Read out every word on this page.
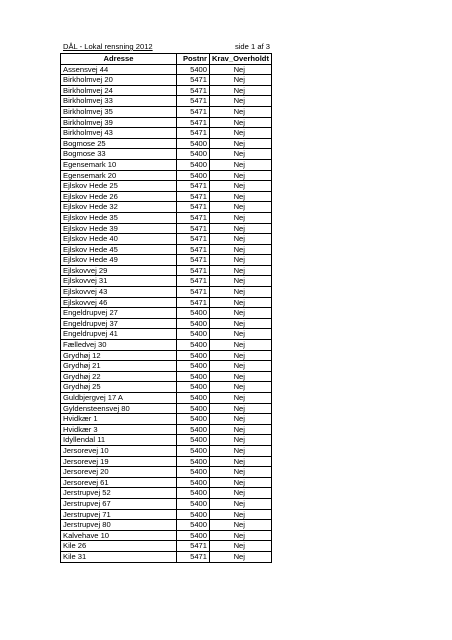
DÅL - Lokal rensning 2012	side 1 af 3
Adresse	Postnr	Krav_Overholdt
Assensvej 44	5400	Nej
Birkholmvej 20	5471	Nej
Birkholmvej 24	5471	Nej
Birkholmvej 33	5471	Nej
Birkholmvej 35	5471	Nej
Birkholmvej 39	5471	Nej
Birkholmvej 43	5471	Nej
Bogmose 25	5400	Nej
Bogmose 33	5400	Nej
Egensemark 10	5400	Nej
Egensemark 20	5400	Nej
Ejlskov Hede 25	5471	Nej
Ejlskov Hede 26	5471	Nej
Ejlskov Hede 32	5471	Nej
Ejlskov Hede 35	5471	Nej
Ejlskov Hede 39	5471	Nej
Ejlskov Hede 40	5471	Nej
Ejlskov Hede 45	5471	Nej
Ejlskov Hede 49	5471	Nej
Ejlskovvej 29	5471	Nej
Ejlskovvej 31	5471	Nej
Ejlskovvej 43	5471	Nej
Ejlskovvej 46	5471	Nej
Engeldrupvej 27	5400	Nej
Engeldrupvej 37	5400	Nej
Engeldrupvej 41	5400	Nej
Fælledvej 30	5400	Nej
Grydhøj 12	5400	Nej
Grydhøj 21	5400	Nej
Grydhøj 22	5400	Nej
Grydhøj 25	5400	Nej
Guldbjergvej 17 A	5400	Nej
Gyldensteensvej 80	5400	Nej
Hvidkær 1	5400	Nej
Hvidkær 3	5400	Nej
Idyllendal 11	5400	Nej
Jersorevej 10	5400	Nej
Jersorevej 19	5400	Nej
Jersorevej 20	5400	Nej
Jersorevej 61	5400	Nej
Jerstrupvej 52	5400	Nej
Jerstrupvej 67	5400	Nej
Jerstrupvej 71	5400	Nej
Jerstrupvej 80	5400	Nej
Kalvehave 10	5400	Nej
Kile 26	5471	Nej
Kile 31	5471	Nej
